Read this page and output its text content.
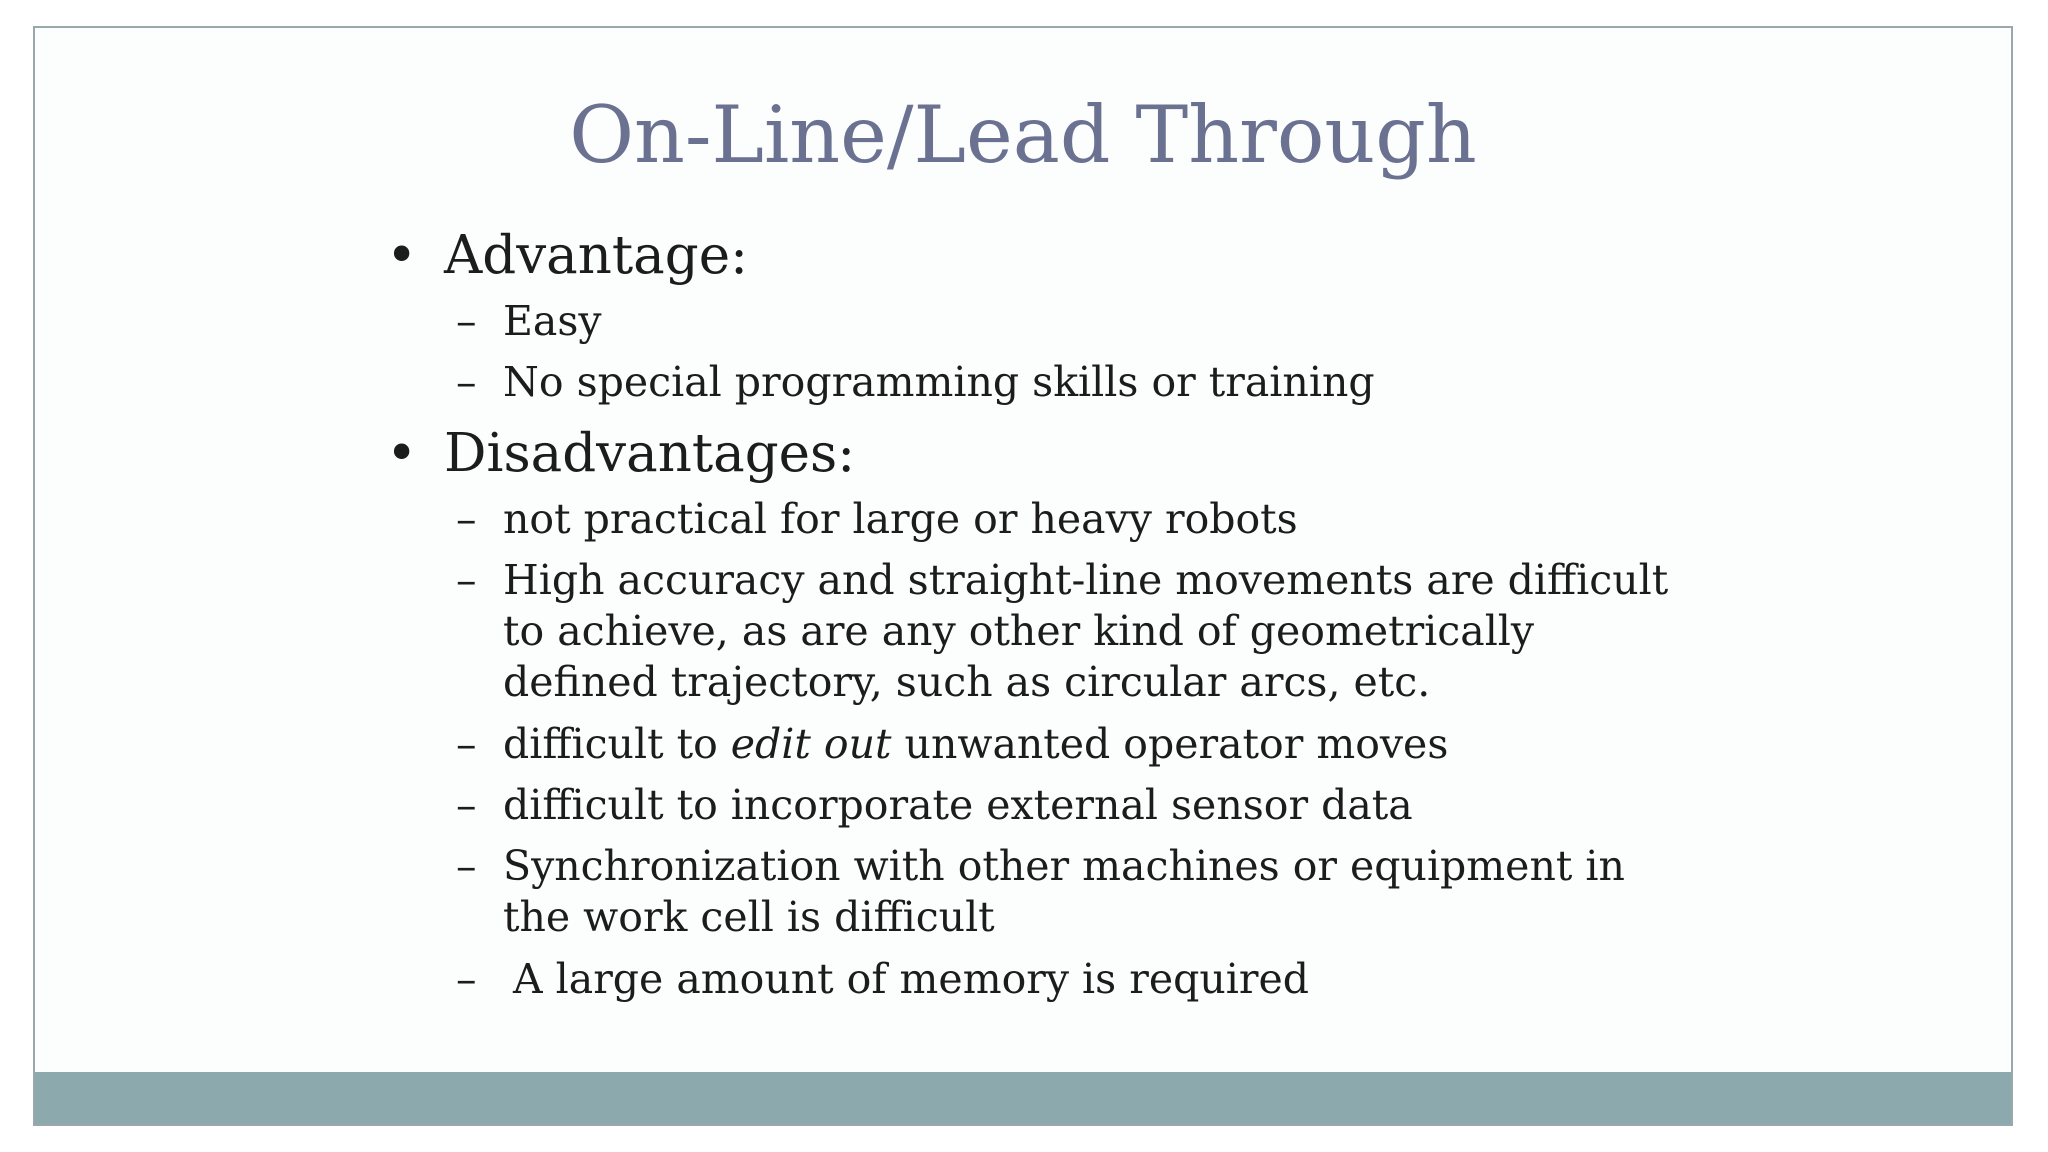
On-Line/Lead Through
• Advantage:
– Easy
– No special programming skills or training
• Disadvantages:
– not practical for large or heavy robots
– High accuracy and straight-line movements are difficult to achieve, as are any other kind of geometrically defined trajectory, such as circular arcs, etc.
– difficult to edit out unwanted operator moves
– difficult to incorporate external sensor data
– Synchronization with other machines or equipment in the work cell is difficult
– A large amount of memory is required
